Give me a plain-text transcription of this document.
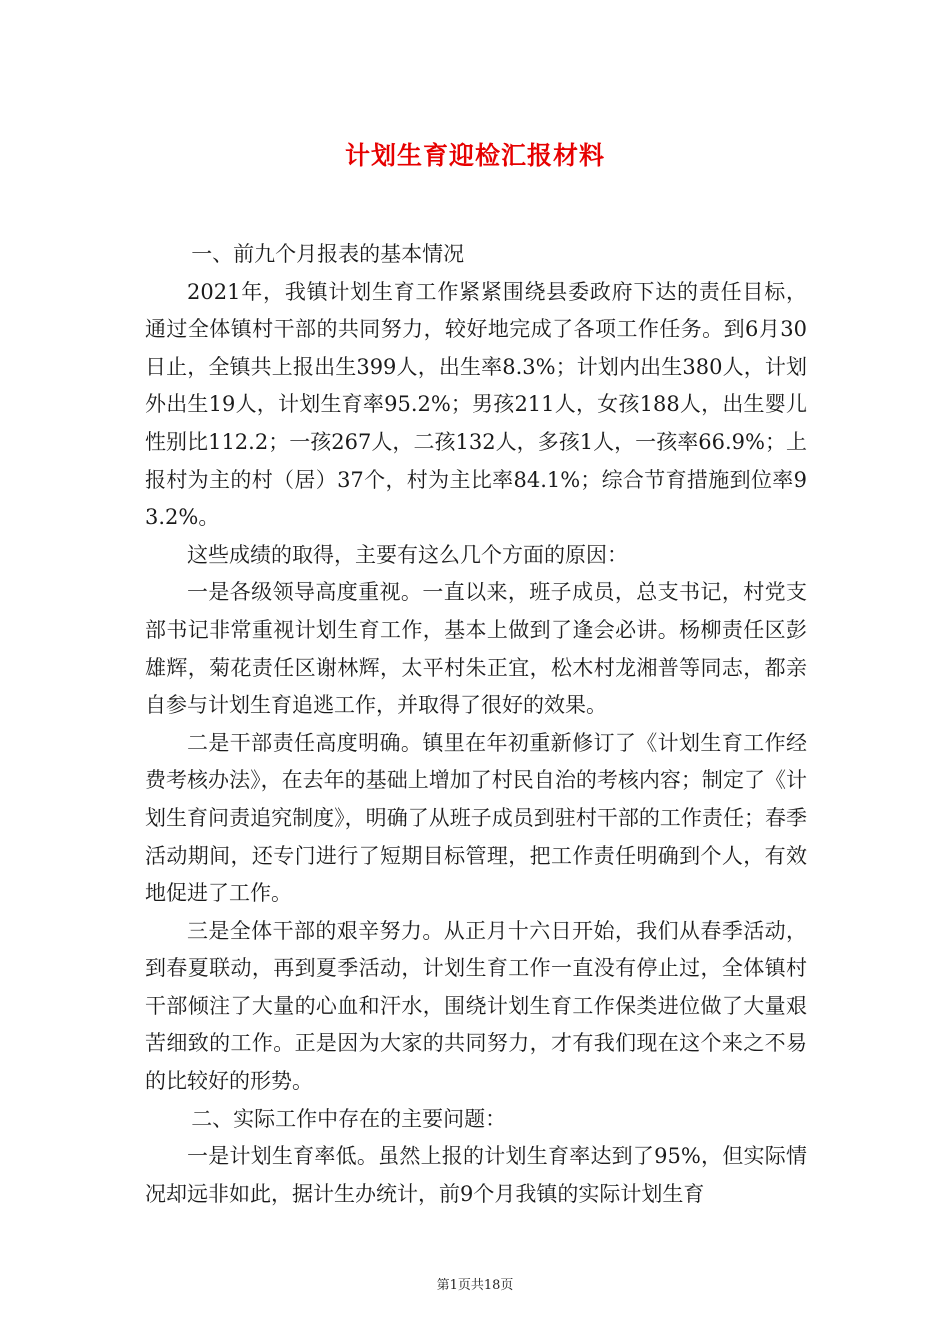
计划生育迎检汇报材料

一、前九个月报表的基本情况

2021年，我镇计划生育工作紧紧围绕县委政府下达的责任目标，通过全体镇村干部的共同努力，较好地完成了各项工作任务。到6月30日止，全镇共上报出生399人，出生率8.3%；计划内出生380人，计划外出生19人，计划生育率95.2%；男孩211人，女孩188人，出生婴儿性别比112.2；一孩267人，二孩132人，多孩1人，一孩率66.9%；上报村为主的村（居）37个，村为主比率84.1%；综合节育措施到位率93.2%。

这些成绩的取得，主要有这么几个方面的原因：

一是各级领导高度重视。一直以来，班子成员，总支书记，村党支部书记非常重视计划生育工作，基本上做到了逢会必讲。杨柳责任区彭雄辉，菊花责任区谢林辉，太平村朱正宜，松木村龙湘普等同志，都亲自参与计划生育追逃工作，并取得了很好的效果。

二是干部责任高度明确。镇里在年初重新修订了《计划生育工作经费考核办法》，在去年的基础上增加了村民自治的考核内容；制定了《计划生育问责追究制度》，明确了从班子成员到驻村干部的工作责任；春季活动期间，还专门进行了短期目标管理，把工作责任明确到个人，有效地促进了工作。

三是全体干部的艰辛努力。从正月十六日开始，我们从春季活动，到春夏联动，再到夏季活动，计划生育工作一直没有停止过，全体镇村干部倾注了大量的心血和汗水，围绕计划生育工作保类进位做了大量艰苦细致的工作。正是因为大家的共同努力，才有我们现在这个来之不易的比较好的形势。

二、实际工作中存在的主要问题：

一是计划生育率低。虽然上报的计划生育率达到了95%，但实际情况却远非如此，据计生办统计，前9个月我镇的实际计划生育

第1页共18页
